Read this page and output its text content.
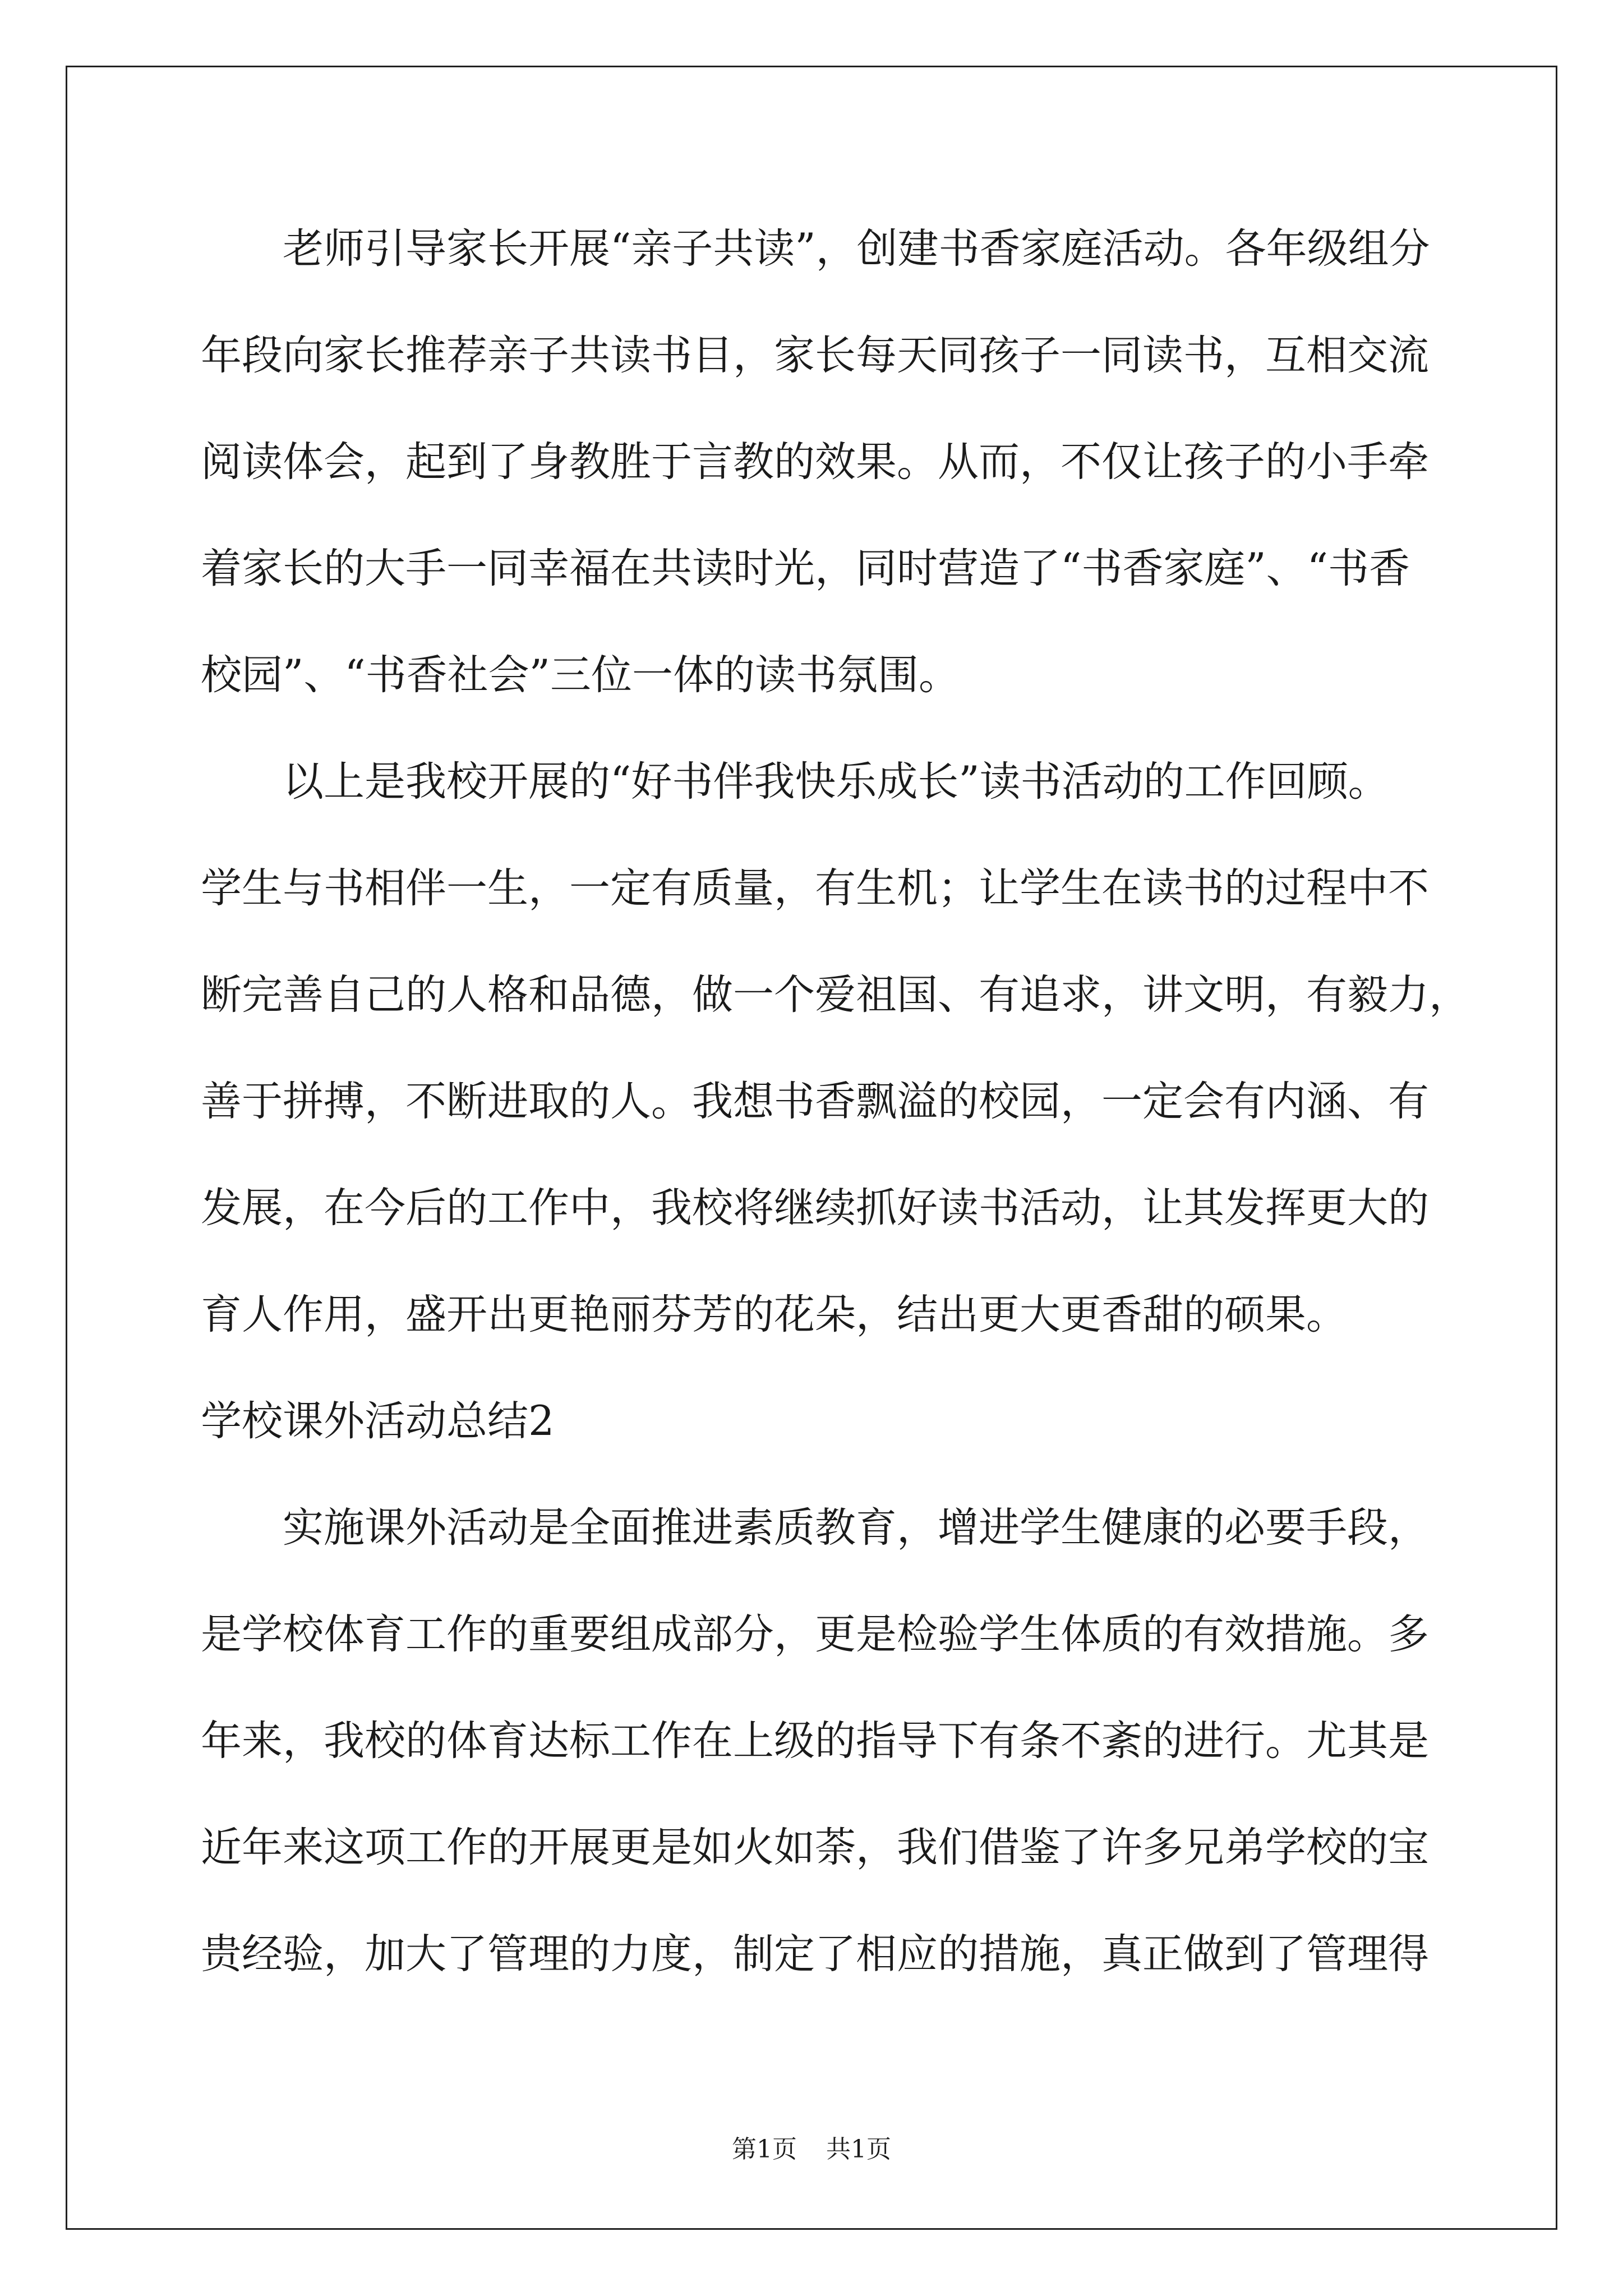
老师引导家长开展“亲子共读”，创建书香家庭活动。各年级组分
年段向家长推荐亲子共读书目，家长每天同孩子一同读书，互相交流
阅读体会，起到了身教胜于言教的效果。从而，不仅让孩子的小手牵
着家长的大手一同幸福在共读时光，同时营造了“书香家庭”、“书香
校园”、“书香社会”三位一体的读书氛围。
以上是我校开展的“好书伴我快乐成长”读书活动的工作回顾。
学生与书相伴一生，一定有质量，有生机；让学生在读书的过程中不
断完善自己的人格和品德，做一个爱祖国、有追求，讲文明，有毅力，
善于拼搏，不断进取的人。我想书香飘溢的校园，一定会有内涵、有
发展，在今后的工作中，我校将继续抓好读书活动，让其发挥更大的
育人作用，盛开出更艳丽芬芳的花朵，结出更大更香甜的硕果。
学校课外活动总结2
实施课外活动是全面推进素质教育，增进学生健康的必要手段，
是学校体育工作的重要组成部分，更是检验学生体质的有效措施。多
年来，我校的体育达标工作在上级的指导下有条不紊的进行。尤其是
近年来这项工作的开展更是如火如荼，我们借鉴了许多兄弟学校的宝
贵经验，加大了管理的力度，制定了相应的措施，真正做到了管理得
第1页 共1页
